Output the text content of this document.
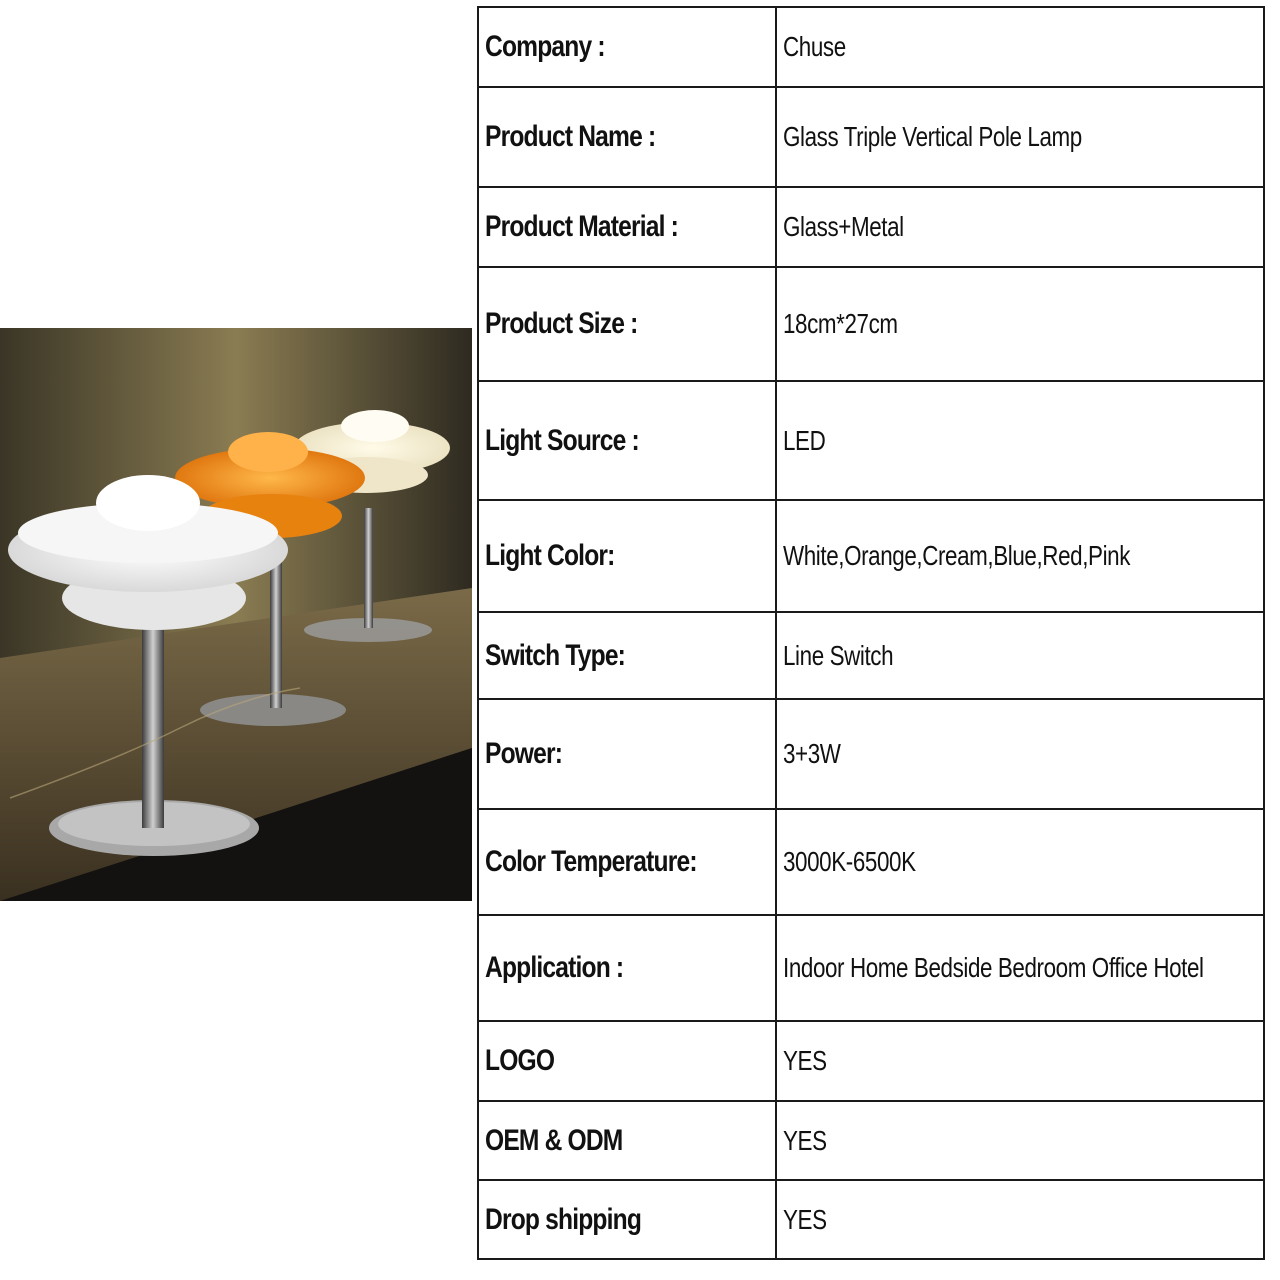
Company :	Chuse
Product Name :	Glass Triple Vertical Pole Lamp
Product Material :	Glass+Metal
Product Size :	18cm*27cm
Light Source :	LED
Light Color:	White,Orange,Cream,Blue,Red,Pink
Switch Type:	Line Switch
Power:	3+3W
Color Temperature:	3000K-6500K
Application :	Indoor Home Bedside Bedroom Office Hotel
LOGO	YES
OEM & ODM	YES
Drop shipping	YES
